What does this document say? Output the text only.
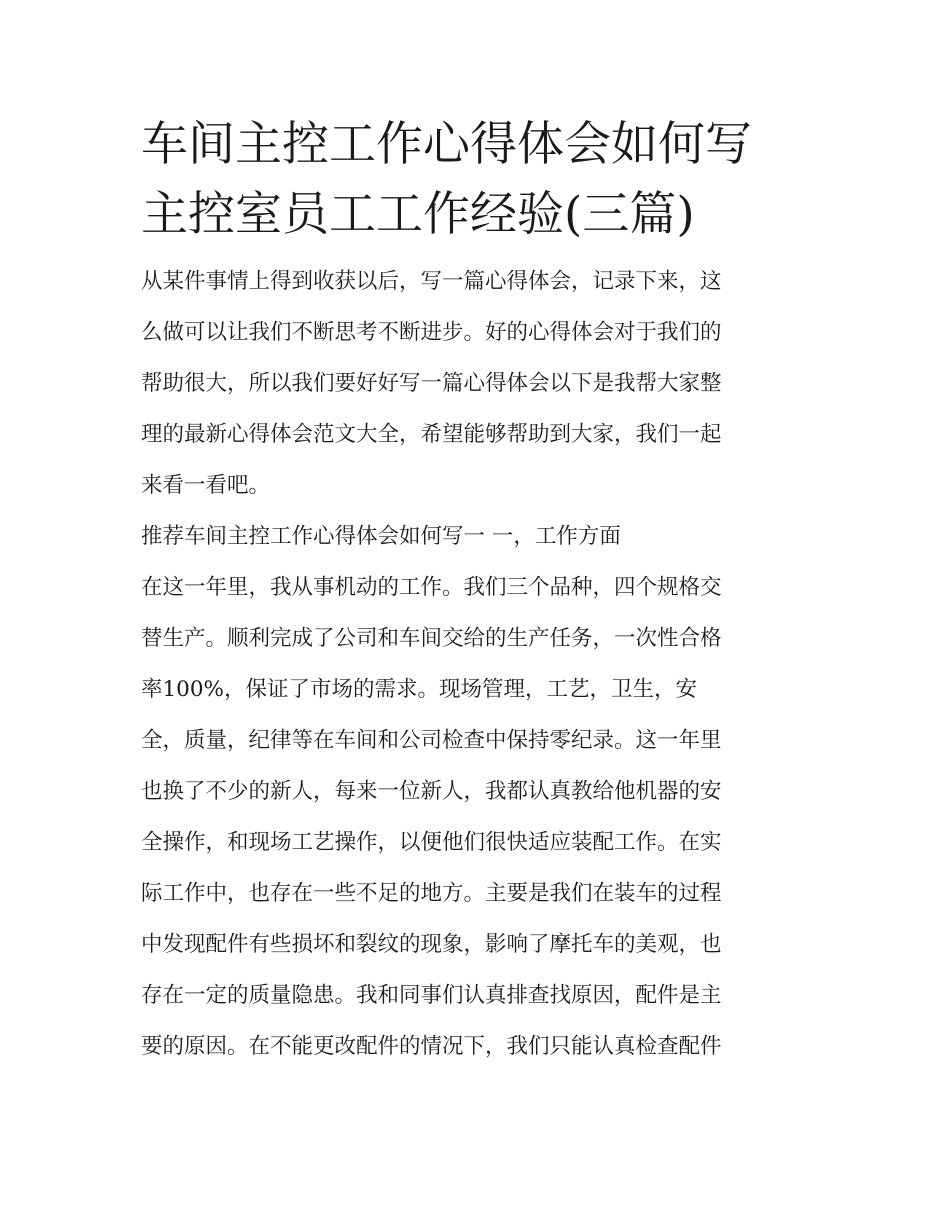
车间主控工作心得体会如何写
主控室员工工作经验(三篇)
从某件事情上得到收获以后，写一篇心得体会，记录下来，这
么做可以让我们不断思考不断进步。好的心得体会对于我们的
帮助很大，所以我们要好好写一篇心得体会以下是我帮大家整
理的最新心得体会范文大全，希望能够帮助到大家，我们一起
来看一看吧。
推荐车间主控工作心得体会如何写一 一，工作方面
在这一年里，我从事机动的工作。我们三个品种，四个规格交
替生产。顺利完成了公司和车间交给的生产任务，一次性合格
率100%，保证了市场的需求。现场管理，工艺，卫生，安
全，质量，纪律等在车间和公司检查中保持零纪录。这一年里
也换了不少的新人，每来一位新人，我都认真教给他机器的安
全操作，和现场工艺操作，以便他们很快适应装配工作。在实
际工作中，也存在一些不足的地方。主要是我们在装车的过程
中发现配件有些损坏和裂纹的现象，影响了摩托车的美观，也
存在一定的质量隐患。我和同事们认真排查找原因，配件是主
要的原因。在不能更改配件的情况下，我们只能认真检查配件
